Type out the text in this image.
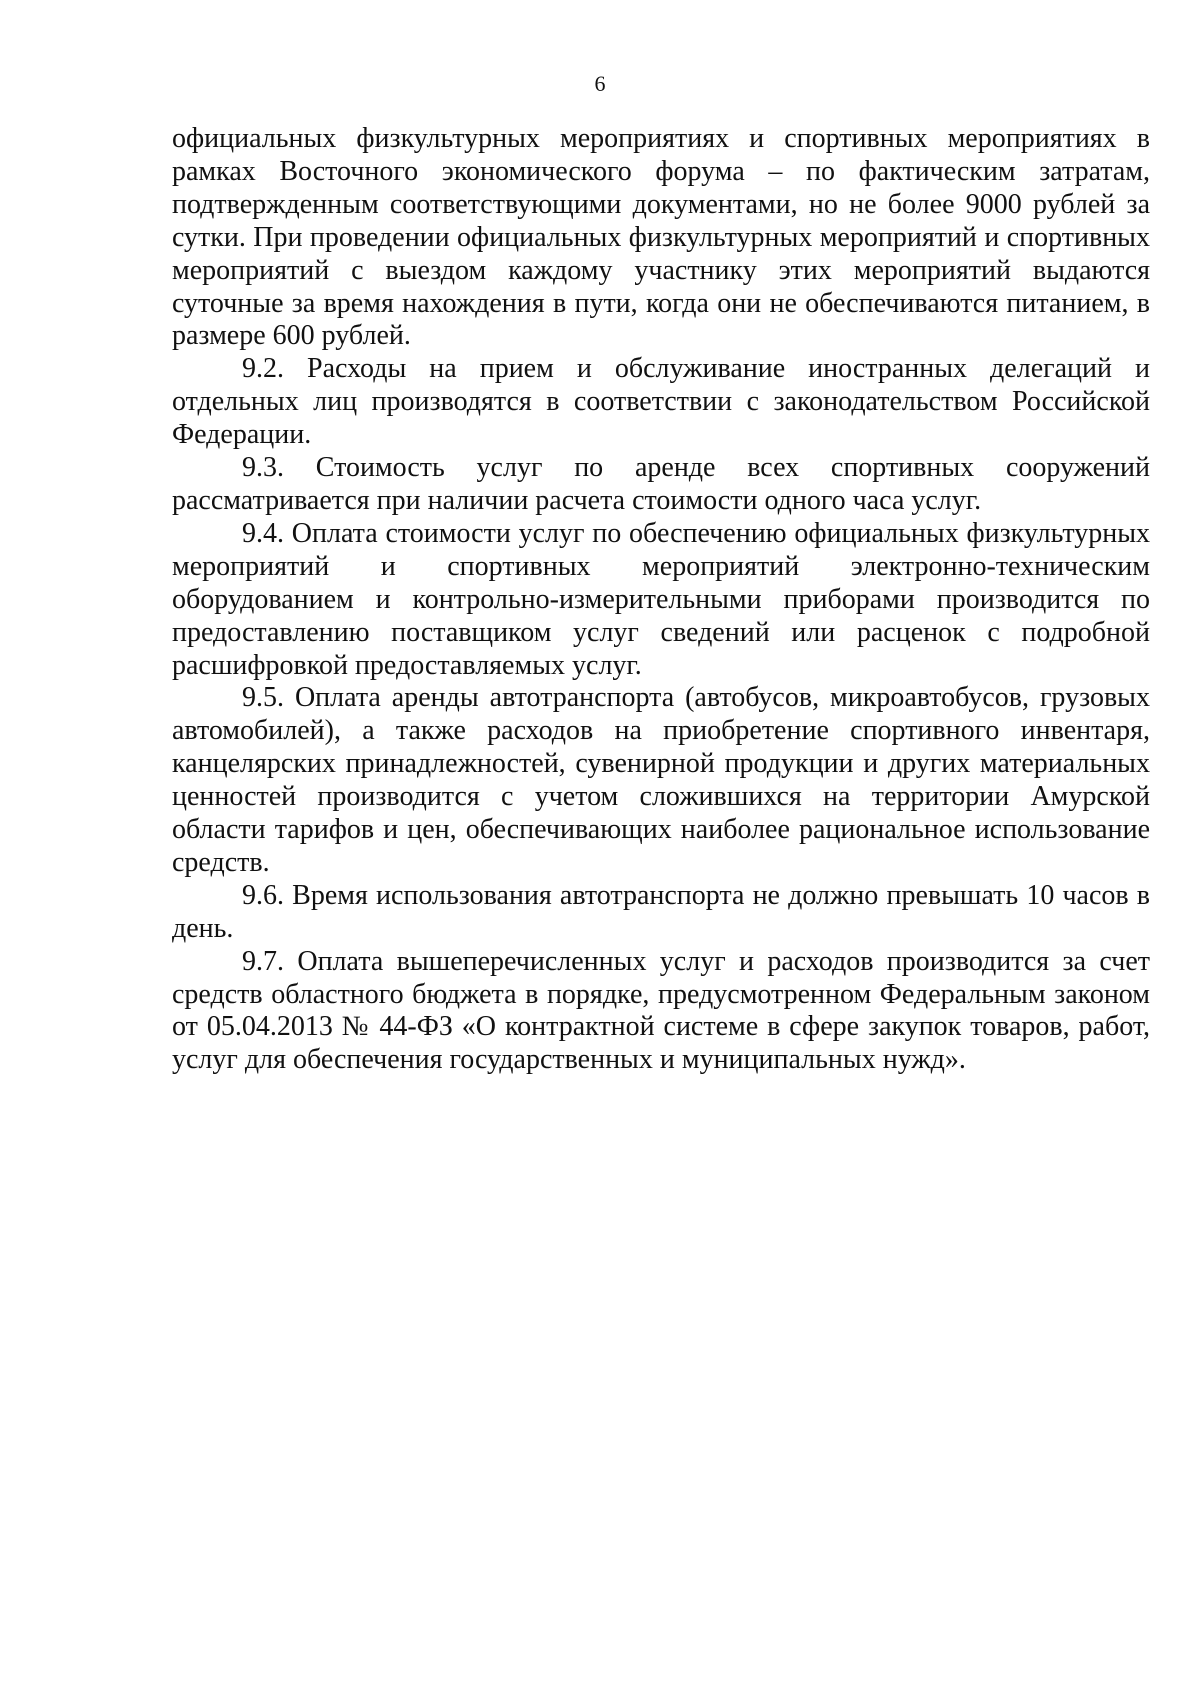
6

официальных физкультурных мероприятиях и спортивных мероприятиях в рамках Восточного экономического форума – по фактическим затратам, подтвержденным соответствующими документами, но не более 9000 рублей за сутки. При проведении официальных физкультурных мероприятий и спортивных мероприятий с выездом каждому участнику этих мероприятий выдаются суточные за время нахождения в пути, когда они не обеспечиваются питанием, в размере 600 рублей.

9.2. Расходы на прием и обслуживание иностранных делегаций и отдельных лиц производятся в соответствии с законодательством Российской Федерации.

9.3. Стоимость услуг по аренде всех спортивных сооружений рассматривается при наличии расчета стоимости одного часа услуг.

9.4. Оплата стоимости услуг по обеспечению официальных физкультурных мероприятий и спортивных мероприятий электронно-техническим оборудованием и контрольно-измерительными приборами производится по предоставлению поставщиком услуг сведений или расценок с подробной расшифровкой предоставляемых услуг.

9.5. Оплата аренды автотранспорта (автобусов, микроавтобусов, грузовых автомобилей), а также расходов на приобретение спортивного инвентаря, канцелярских принадлежностей, сувенирной продукции и других материальных ценностей производится с учетом сложившихся на территории Амурской области тарифов и цен, обеспечивающих наиболее рациональное использование средств.

9.6. Время использования автотранспорта не должно превышать 10 часов в день.

9.7. Оплата вышеперечисленных услуг и расходов производится за счет средств областного бюджета в порядке, предусмотренном Федеральным законом от 05.04.2013 № 44-ФЗ «О контрактной системе в сфере закупок товаров, работ, услуг для обеспечения государственных и муниципальных нужд».
